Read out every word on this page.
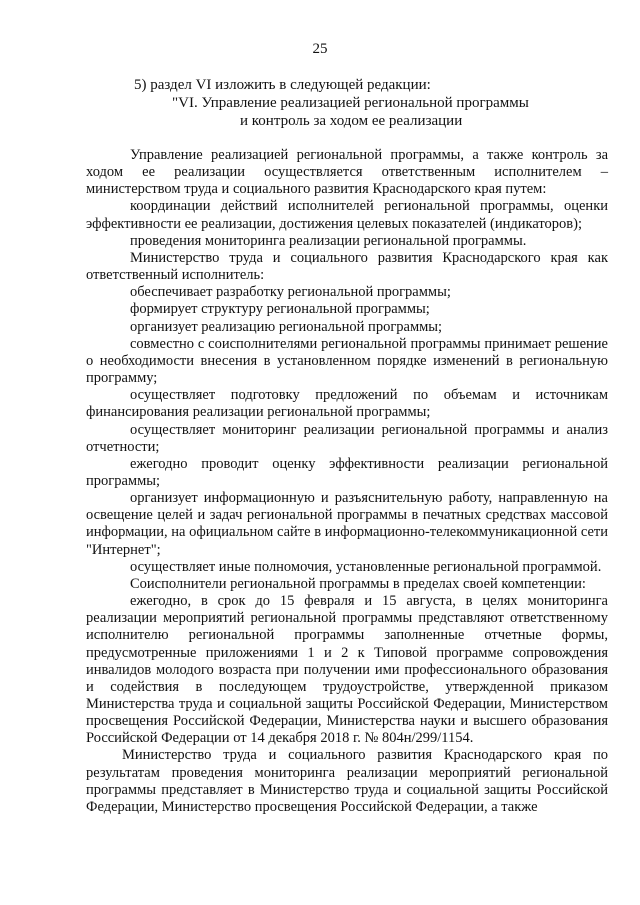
25
5) раздел VI изложить в следующей редакции:
"VI. Управление реализацией региональной программы
и контроль за ходом ее реализации

Управление реализацией региональной программы, а также контроль за ходом ее реализации осуществляется ответственным исполнителем – министерством труда и социального развития Краснодарского края путем:

координации действий исполнителей региональной программы, оценки эффективности ее реализации, достижения целевых показателей (индикаторов);

проведения мониторинга реализации региональной программы.

Министерство труда и социального развития Краснодарского края как ответственный исполнитель:

обеспечивает разработку региональной программы;

формирует структуру региональной программы;

организует реализацию региональной программы;

совместно с соисполнителями региональной программы принимает решение о необходимости внесения в установленном порядке изменений в региональную программу;

осуществляет подготовку предложений по объемам и источникам финансирования реализации региональной программы;

осуществляет мониторинг реализации региональной программы и анализ отчетности;

ежегодно проводит оценку эффективности реализации региональной программы;

организует информационную и разъяснительную работу, направленную на освещение целей и задач региональной программы в печатных средствах массовой информации, на официальном сайте в информационно-телекоммуникационной сети "Интернет";

осуществляет иные полномочия, установленные региональной программой.

Соисполнители региональной программы в пределах своей компетенции:

ежегодно, в срок до 15 февраля и 15 августа, в целях мониторинга реализации мероприятий региональной программы представляют ответственному исполнителю региональной программы заполненные отчетные формы, предусмотренные приложениями 1 и 2 к Типовой программе сопровождения инвалидов молодого возраста при получении ими профессионального образования и содействия в последующем трудоустройстве, утвержденной приказом Министерства труда и социальной защиты Российской Федерации, Министерством просвещения Российской Федерации, Министерства науки и высшего образования Российской Федерации от 14 декабря 2018 г. № 804н/299/1154.

Министерство труда и социального развития Краснодарского края по результатам проведения мониторинга реализации мероприятий региональной программы представляет в Министерство труда и социальной защиты Российской Федерации, Министерство просвещения Российской Федерации, а также
